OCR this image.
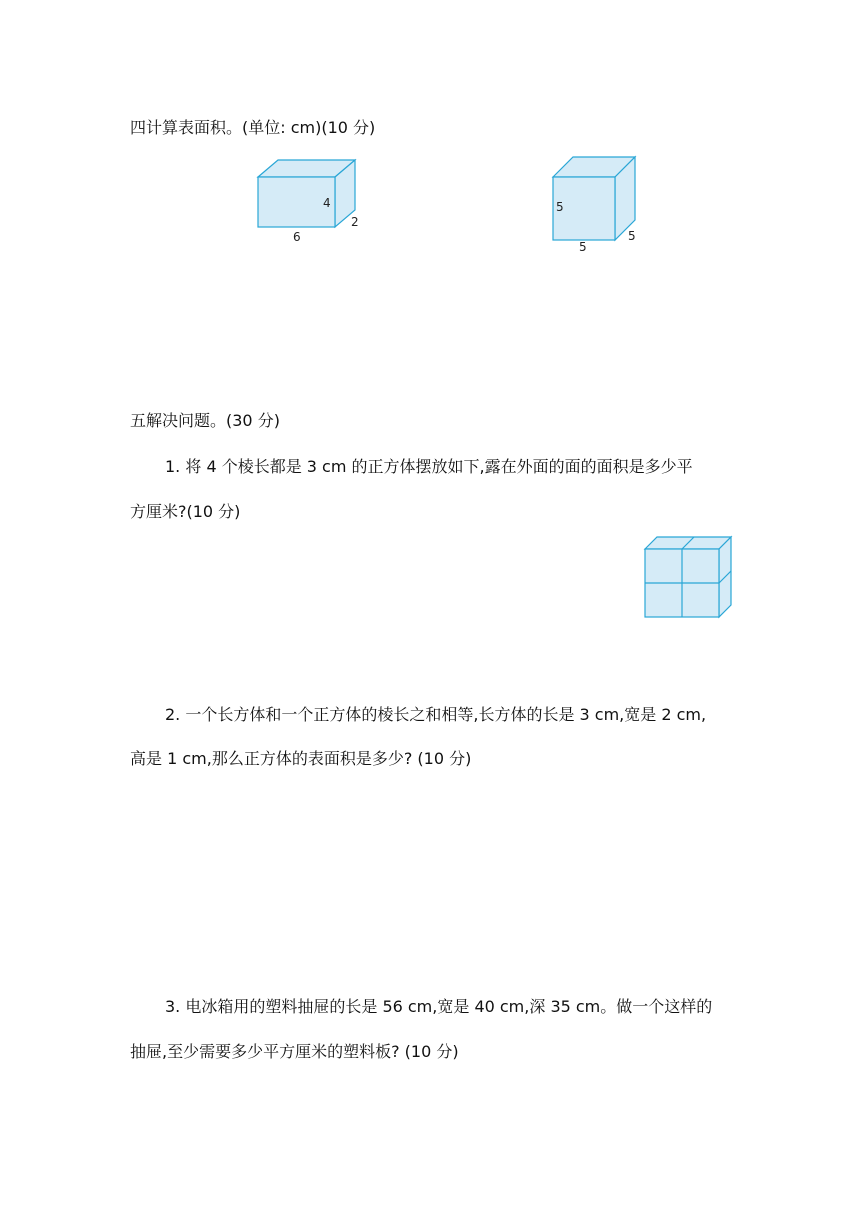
四计算表面积。(单位: cm)(10 分)
4
2
6
5
5
5
五解决问题。(30 分)
1. 将 4 个棱长都是 3 cm 的正方体摆放如下,露在外面的面的面积是多少平
方厘米?(10 分)
2. 一个长方体和一个正方体的棱长之和相等,长方体的长是 3 cm,宽是 2 cm,
高是 1 cm,那么正方体的表面积是多少? (10 分)
3. 电冰箱用的塑料抽屉的长是 56 cm,宽是 40 cm,深 35 cm。做一个这样的
抽屉,至少需要多少平方厘米的塑料板? (10 分)
